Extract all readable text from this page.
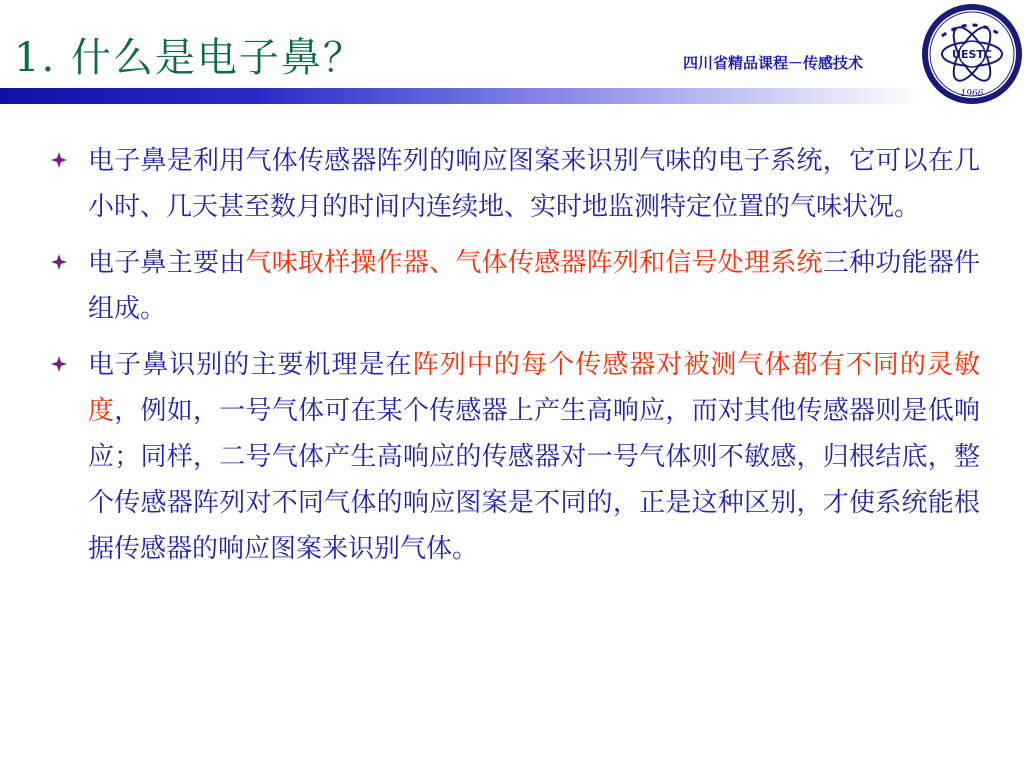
1. 什么是电子鼻？	四川省精品课程－传感技术	UESTC
1966

电子鼻是利用气体传感器阵列的响应图案来识别气味的电子系统，它可以在几小时、几天甚至数月的时间内连续地、实时地监测特定位置的气味状况。

电子鼻主要由气味取样操作器、气体传感器阵列和信号处理系统三种功能器件组成。

电子鼻识别的主要机理是在阵列中的每个传感器对被测气体都有不同的灵敏度，例如，一号气体可在某个传感器上产生高响应，而对其他传感器则是低响应；同样，二号气体产生高响应的传感器对一号气体则不敏感，归根结底，整个传感器阵列对不同气体的响应图案是不同的，正是这种区别，才使系统能根据传感器的响应图案来识别气体。
